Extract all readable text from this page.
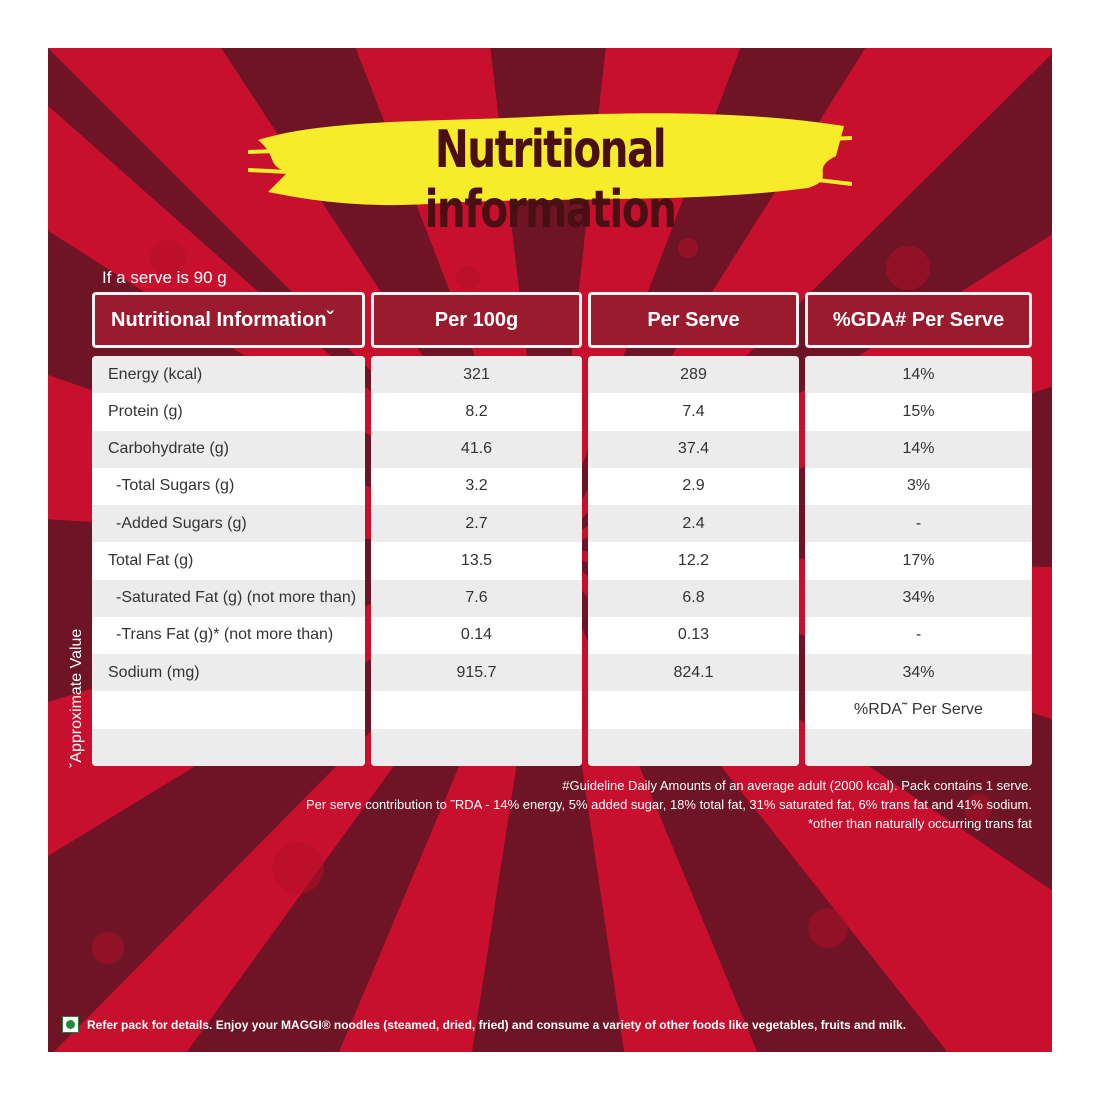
Nutritional information
If a serve is 90 g
Nutritional Informationˇ
Energy (kcal)
Protein (g)
Carbohydrate (g)
-Total Sugars (g)
-Added Sugars (g)
Total Fat (g)
-Saturated Fat (g) (not more than)
-Trans Fat (g)* (not more than)
Sodium (mg)
Per 100g
321
8.2
41.6
3.2
2.7
13.5
7.6
0.14
915.7
Per Serve
289
7.4
37.4
2.9
2.4
12.2
6.8
0.13
824.1
%GDA# Per Serve
14%
15%
14%
3%
-
17%
34%
-
34%
%RDA˜ Per Serve
ˇApproximate Value
#Guideline Daily Amounts of an average adult (2000 kcal). Pack contains 1 serve.
Per serve contribution to ˜RDA - 14% energy, 5% added sugar, 18% total fat, 31% saturated fat, 6% trans fat and 41% sodium.
*other than naturally occurring trans fat
Refer pack for details. Enjoy your MAGGI® noodles (steamed, dried, fried) and consume a variety of other foods like vegetables, fruits and milk.
